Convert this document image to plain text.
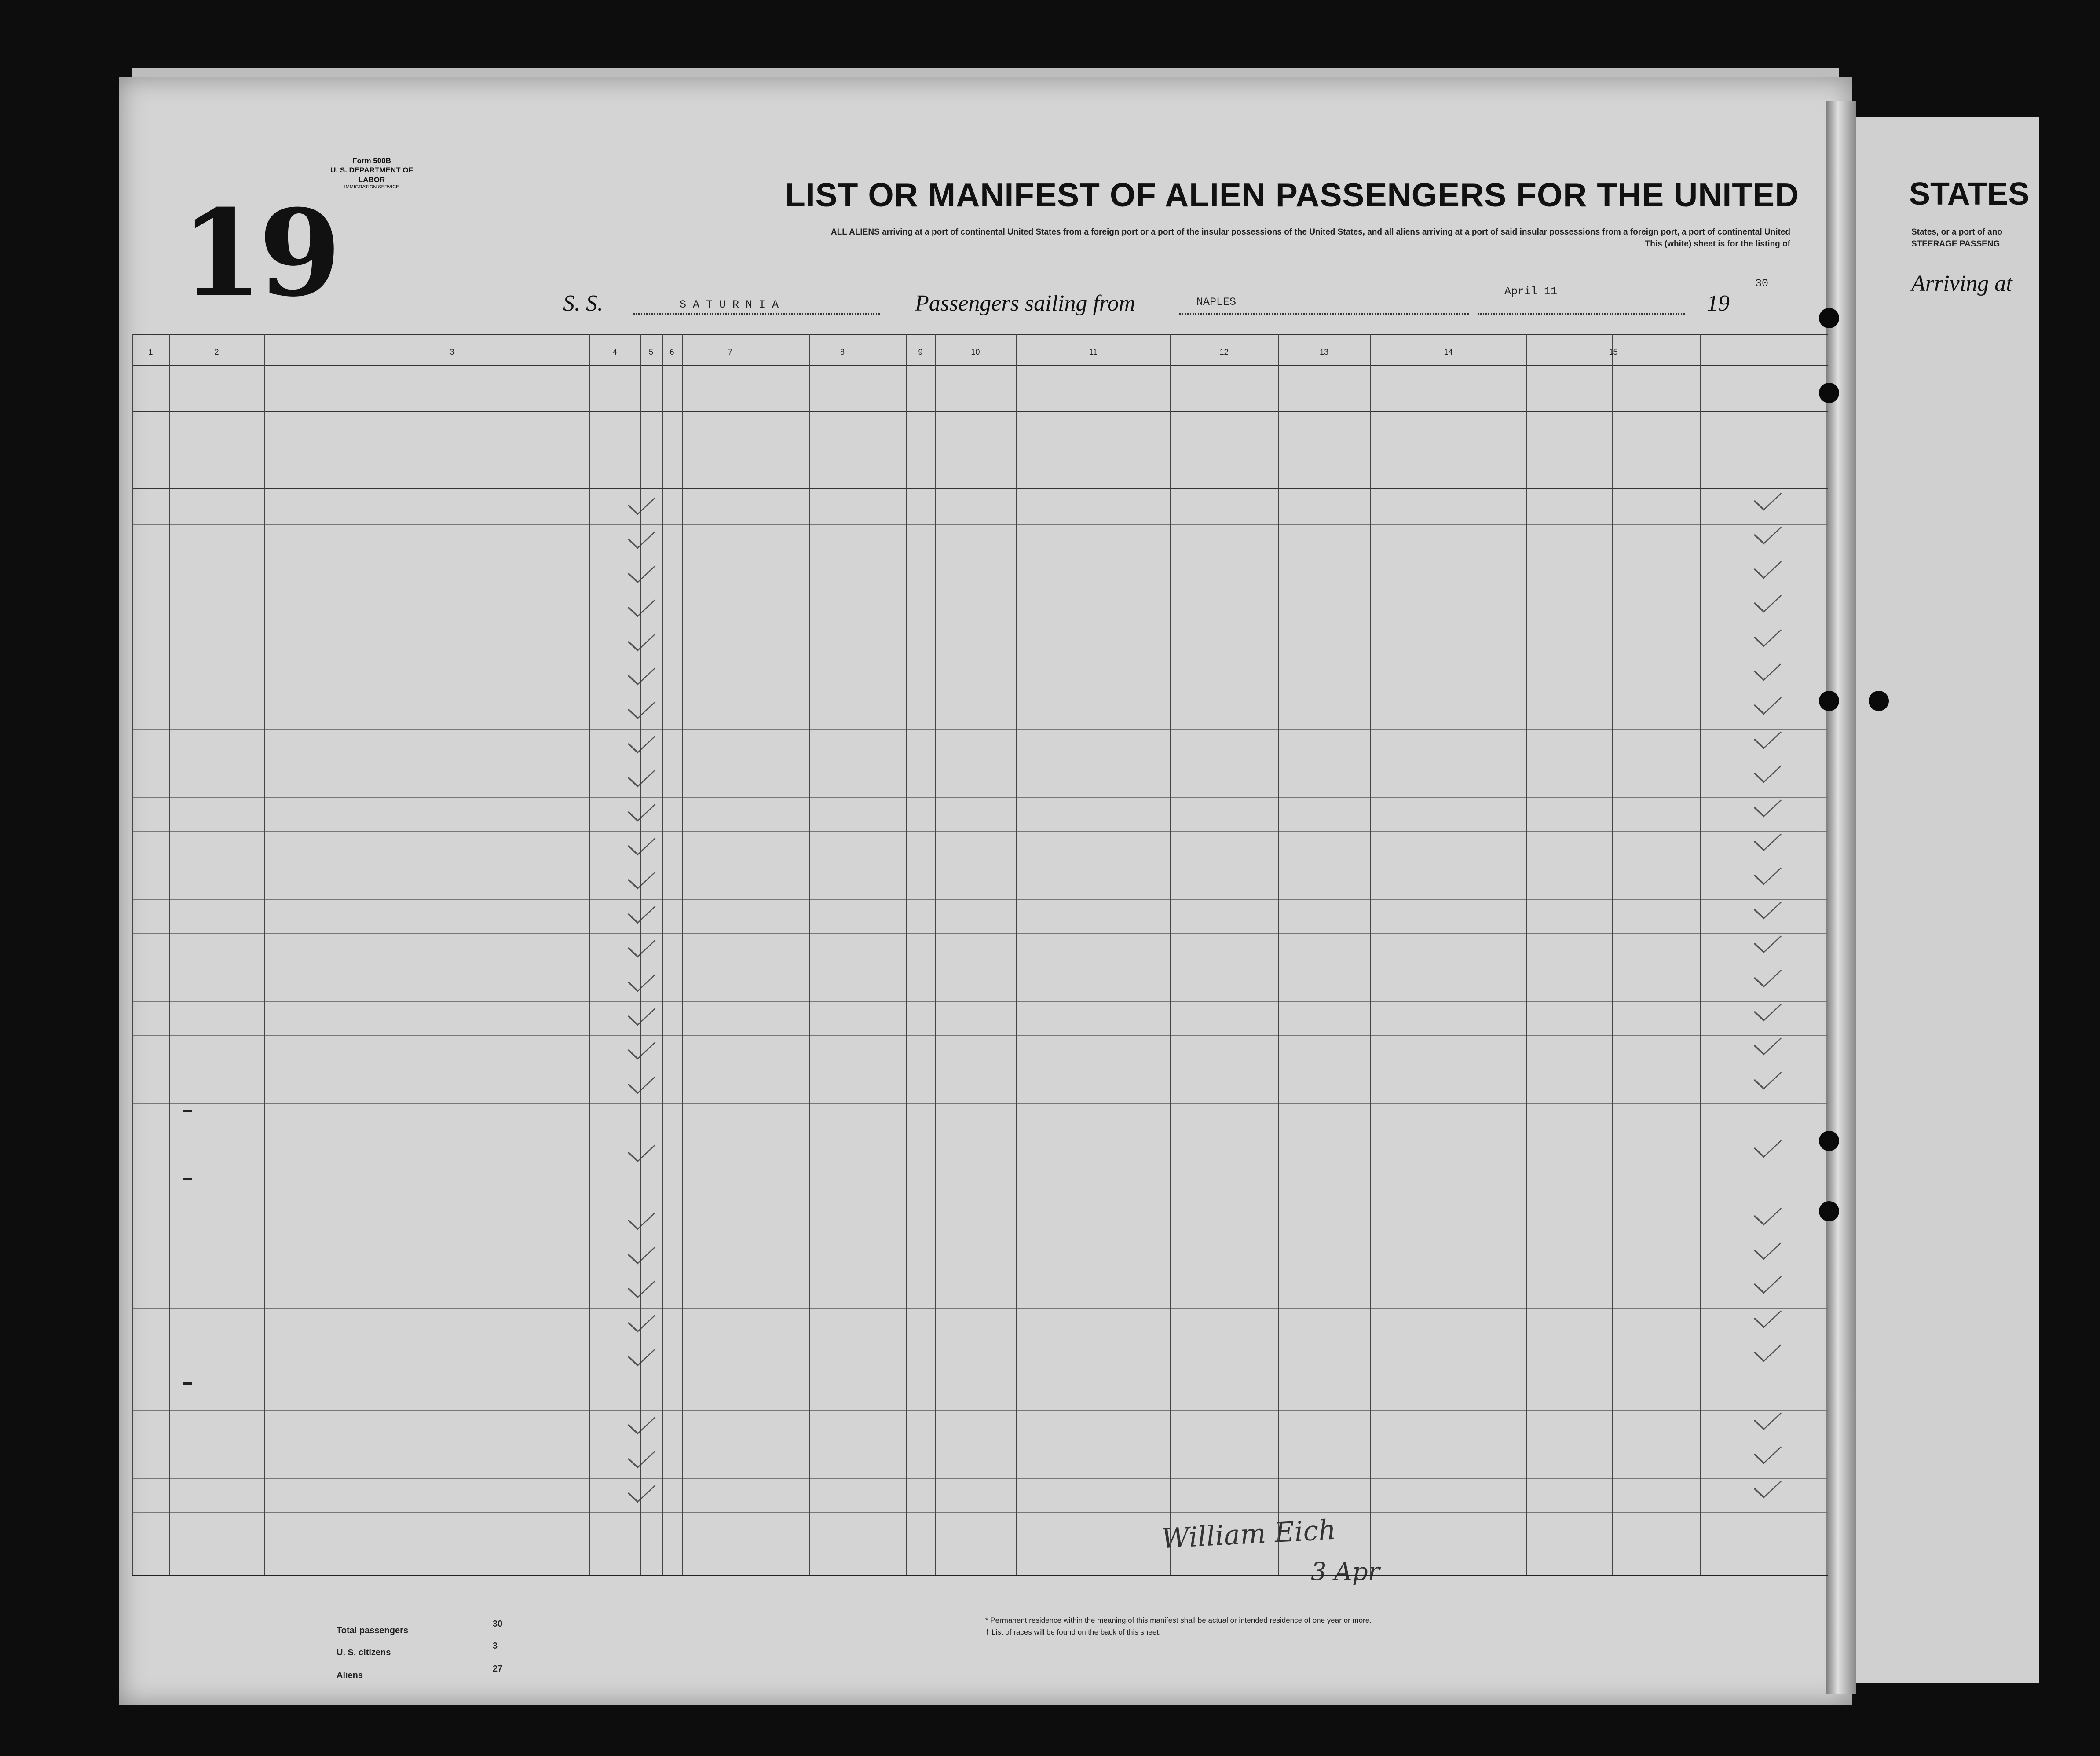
19
Form 500B
U. S. DEPARTMENT OF LABOR
IMMIGRATION SERVICE	LIST OR MANIFEST OF ALIEN PASSENGERS FOR THE UNITED
ALL ALIENS arriving at a port of continental United States from a foreign port or a port of the insular possessions of the United States, and all aliens arriving at a port of said insular possessions from a foreign port, a port of continental United
This (white) sheet is for the listing of
S. S.	S A T U R N I A	Passengers sailing from	NAPLES
April 11	19
30
STATES
States, or a port of ano
STEERAGE PASSENG
Arriving at
Total passengers
30
U. S. citizens
3
Aliens
27
* Permanent residence within the meaning of this manifest shall be actual or intended residence of one year or more.
† List of races will be found on the back of this sheet.
William Eich
3 Apr
1	2	3	4	5	6	7	8	9	10	11	12	13	14	15
